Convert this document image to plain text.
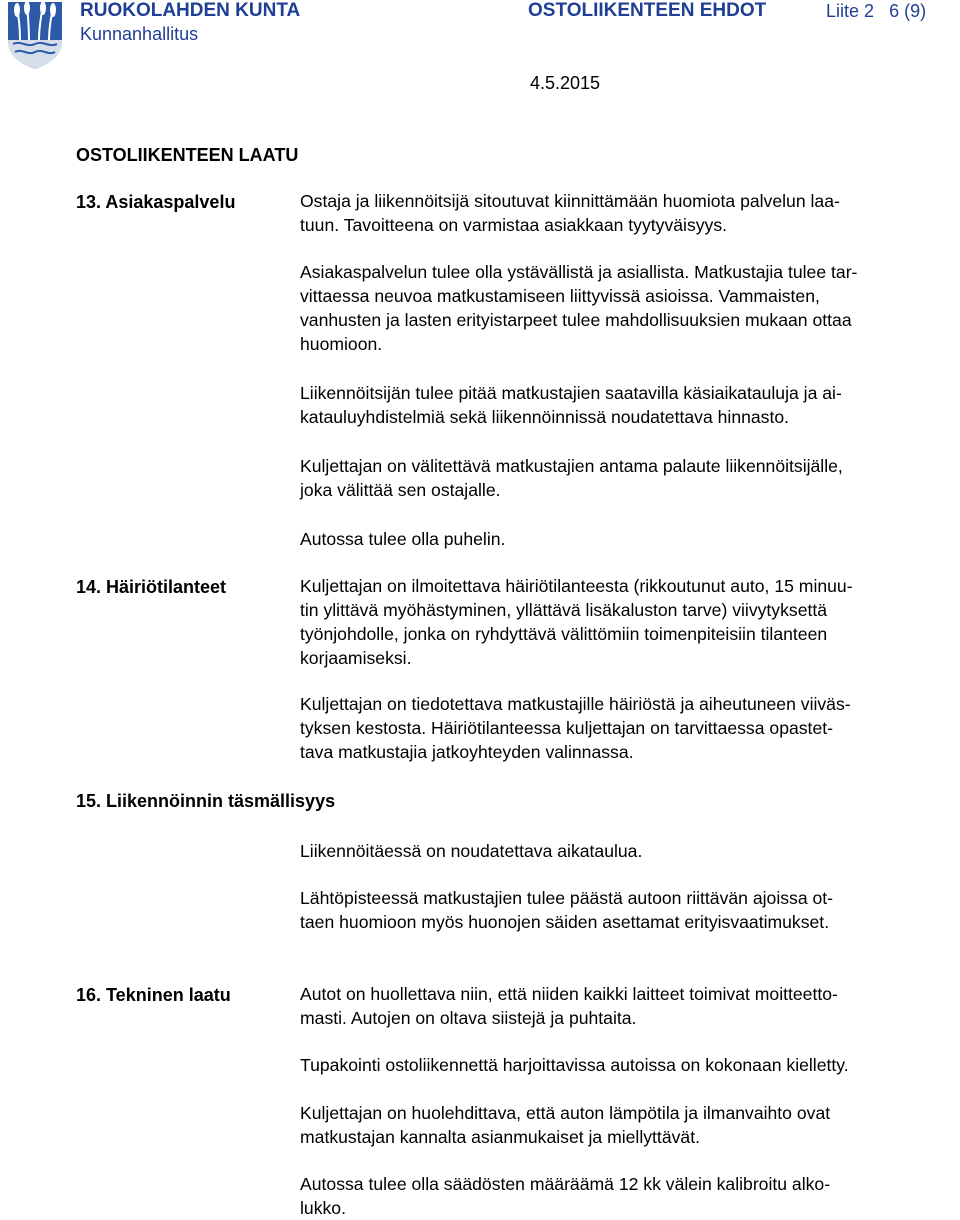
RUOKOLAHDEN KUNTA
Kunnanhallitus
OSTOLIIKENTEEN EHDOT	Liite 2 6 (9)
4.5.2015
OSTOLIIKENTEEN LAATU
13. Asiakaspalvelu	Ostaja ja liikennöitsijä sitoutuvat kiinnittämään huomiota palvelun laa-
tuun. Tavoitteena on varmistaa asiakkaan tyytyväisyys.
Asiakaspalvelun tulee olla ystävällistä ja asiallista. Matkustajia tulee tar-
vittaessa neuvoa matkustamiseen liittyvissä asioissa. Vammaisten,
vanhusten ja lasten erityistarpeet tulee mahdollisuuksien mukaan ottaa
huomioon.
Liikennöitsijän tulee pitää matkustajien saatavilla käsiaikatauluja ja ai-
katauluyhdistelmiä sekä liikennöinnissä noudatettava hinnasto.
Kuljettajan on välitettävä matkustajien antama palaute liikennöitsijälle,
joka välittää sen ostajalle.
Autossa tulee olla puhelin.
14. Häiriötilanteet	Kuljettajan on ilmoitettava häiriötilanteesta (rikkoutunut auto, 15 minuu-
tin ylittävä myöhästyminen, yllättävä lisäkaluston tarve) viivytyksettä
työnjohdolle, jonka on ryhdyttävä välittömiin toimenpiteisiin tilanteen
korjaamiseksi.
Kuljettajan on tiedotettava matkustajille häiriöstä ja aiheutuneen viiväs-
tyksen kestosta. Häiriötilanteessa kuljettajan on tarvittaessa opastet-
tava matkustajia jatkoyhteyden valinnassa.
15. Liikennöinnin täsmällisyys
Liikennöitäessä on noudatettava aikataulua.
Lähtöpisteessä matkustajien tulee päästä autoon riittävän ajoissa ot-
taen huomioon myös huonojen säiden asettamat erityisvaatimukset.
16. Tekninen laatu	Autot on huollettava niin, että niiden kaikki laitteet toimivat moitteetto-
masti. Autojen on oltava siistejä ja puhtaita.
Tupakointi ostoliikennettä harjoittavissa autoissa on kokonaan kielletty.
Kuljettajan on huolehdittava, että auton lämpötila ja ilmanvaihto ovat
matkustajan kannalta asianmukaiset ja miellyttävät.
Autossa tulee olla säädösten määräämä 12 kk välein kalibroitu alko-
lukko.
